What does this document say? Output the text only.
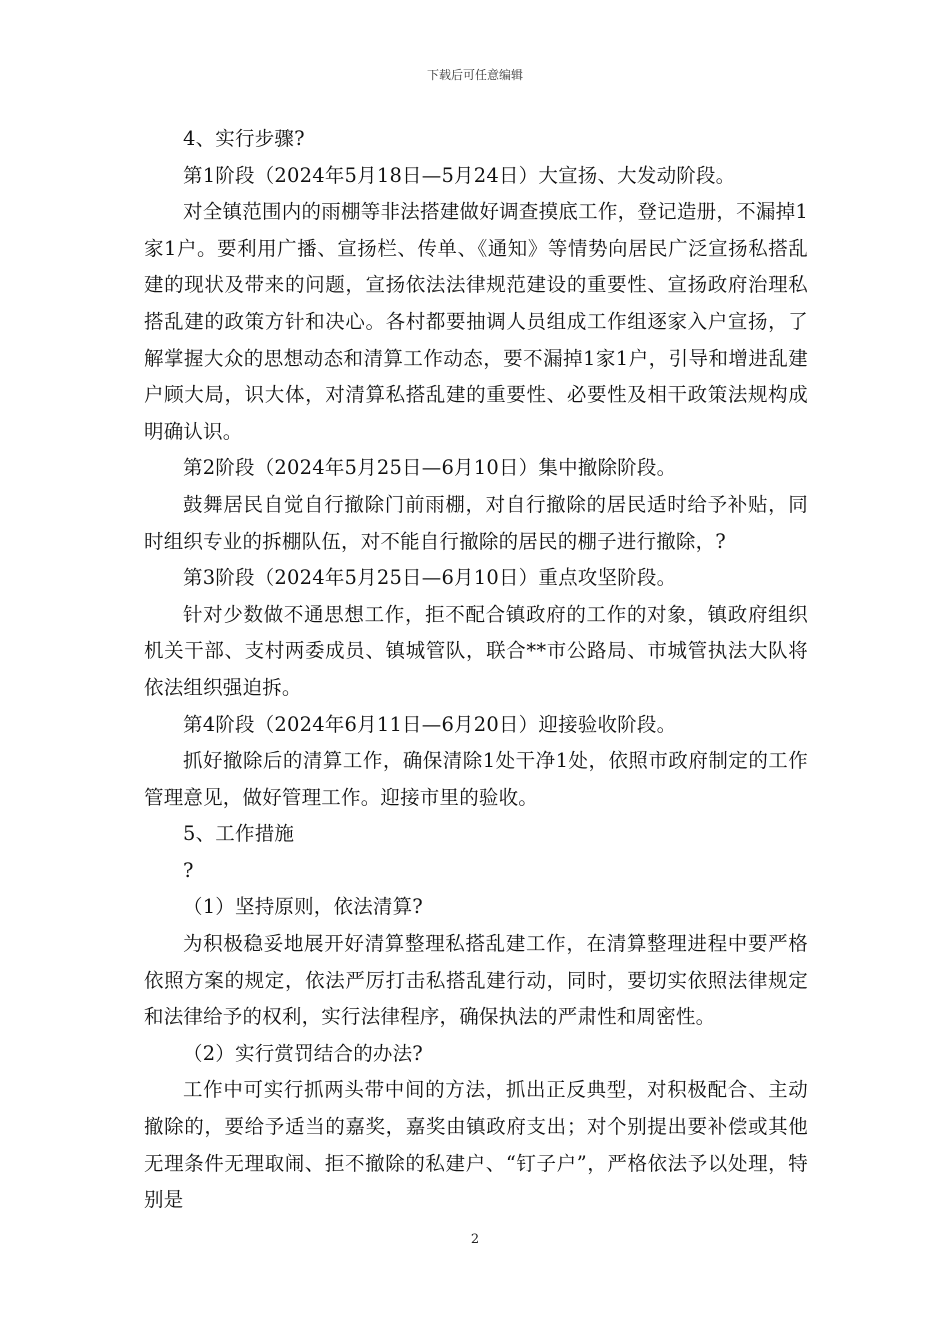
下载后可任意编辑

4、实行步骤?

第1阶段（2024年5月18日—5月24日）大宣扬、大发动阶段。

对全镇范围内的雨棚等非法搭建做好调查摸底工作，登记造册，不漏掉1家1户。要利用广播、宣扬栏、传单、《通知》等情势向居民广泛宣扬私搭乱建的现状及带来的问题，宣扬依法法律规范建设的重要性、宣扬政府治理私搭乱建的政策方针和决心。各村都要抽调人员组成工作组逐家入户宣扬，了解掌握大众的思想动态和清算工作动态，要不漏掉1家1户，引导和增进乱建户顾大局，识大体，对清算私搭乱建的重要性、必要性及相干政策法规构成明确认识。

第2阶段（2024年5月25日—6月10日）集中撤除阶段。

鼓舞居民自觉自行撤除门前雨棚，对自行撤除的居民适时给予补贴，同时组织专业的拆棚队伍，对不能自行撤除的居民的棚子进行撤除，?

第3阶段（2024年5月25日—6月10日）重点攻坚阶段。

针对少数做不通思想工作，拒不配合镇政府的工作的对象，镇政府组织机关干部、支村两委成员、镇城管队，联合**市公路局、市城管执法大队将依法组织强迫拆。

第4阶段（2024年6月11日—6月20日）迎接验收阶段。

抓好撤除后的清算工作，确保清除1处干净1处，依照市政府制定的工作管理意见，做好管理工作。迎接市里的验收。

5、工作措施

?

（1）坚持原则，依法清算?

为积极稳妥地展开好清算整理私搭乱建工作，在清算整理进程中要严格依照方案的规定，依法严厉打击私搭乱建行动，同时，要切实依照法律规定和法律给予的权利，实行法律程序，确保执法的严肃性和周密性。

（2）实行赏罚结合的办法?

工作中可实行抓两头带中间的方法，抓出正反典型，对积极配合、主动撤除的，要给予适当的嘉奖，嘉奖由镇政府支出；对个别提出要补偿或其他无理条件无理取闹、拒不撤除的私建户、“钉子户”，严格依法予以处理，特别是

2
